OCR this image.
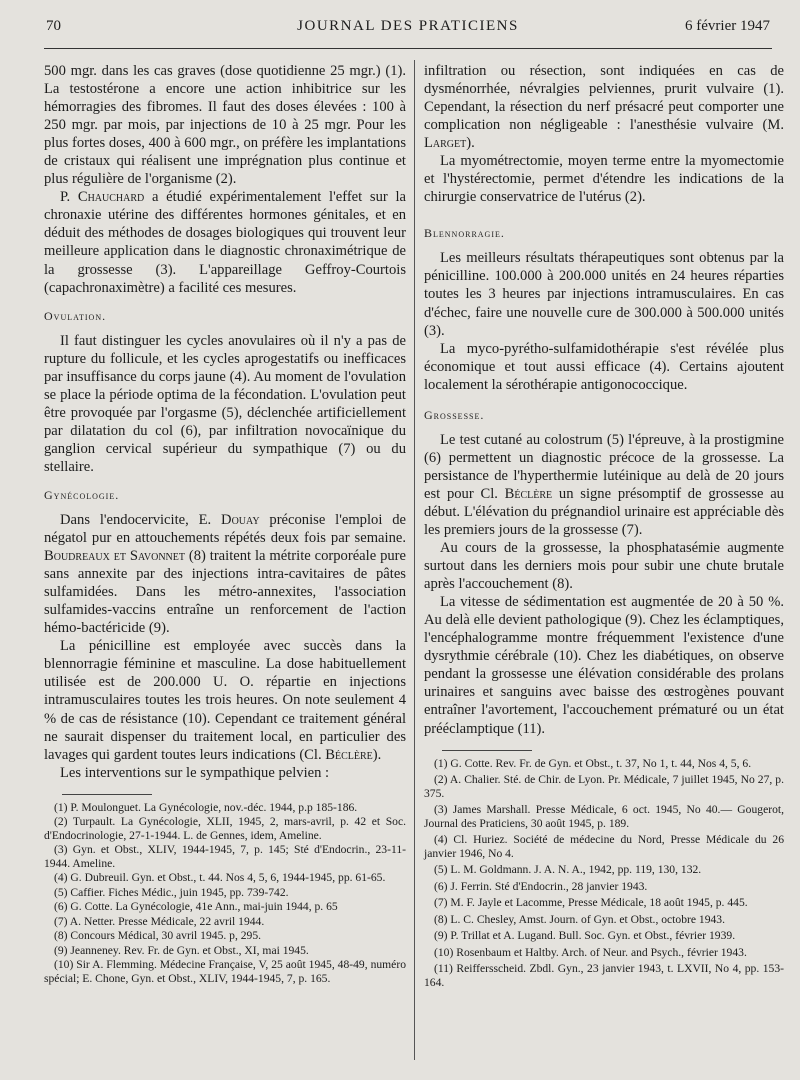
70	JOURNAL DES PRATICIENS	6 février 1947

500 mgr. dans les cas graves (dose quotidienne 25 mgr.) (1). La testostérone a encore une action inhibitrice sur les hémorragies des fibromes. Il faut des doses élevées : 100 à 250 mgr. par mois, par injections de 10 à 25 mgr. Pour les plus fortes doses, 400 à 600 mgr., on préfère les implantations de cristaux qui réalisent une imprégnation plus continue et plus régulière de l'organisme (2).

P. Chauchard a étudié expérimentalement l'effet sur la chronaxie utérine des différentes hormones génitales, et en déduit des méthodes de dosages biologiques qui trouvent leur meilleure application dans le diagnostic chronaximétrique de la grossesse (3). L'appareillage Geffroy-Courtois (capachronaximètre) a facilité ces mesures.

Ovulation.

Il faut distinguer les cycles anovulaires où il n'y a pas de rupture du follicule, et les cycles aprogestatifs ou inefficaces par insuffisance du corps jaune (4). Au moment de l'ovulation se place la période optima de la fécondation. L'ovulation peut être provoquée par l'orgasme (5), déclenchée artificiellement par dilatation du col (6), par infiltration novocaïnique du ganglion cervical supérieur du sympathique (7) ou du stellaire.

Gynécologie.

Dans l'endocervicite, E. Douay préconise l'emploi de négatol pur en attouchements répétés deux fois par semaine. Boudreaux et Savonnet (8) traitent la métrite corporéale pure sans annexite par des injections intra-cavitaires de pâtes sulfamidées. Dans les métro-annexites, l'association sulfamides-vaccins entraîne un renforcement de l'action hémo-bactéricide (9).

La pénicilline est employée avec succès dans la blennorragie féminine et masculine. La dose habituellement utilisée est de 200.000 U. O. répartie en injections intramusculaires toutes les trois heures. On note seulement 4 % de cas de résistance (10). Cependant ce traitement général ne saurait dispenser du traitement local, en particulier des lavages qui gardent toutes leurs indications (Cl. Béclère).

Les interventions sur le sympathique pelvien :

(1) P. Moulonguet. La Gynécologie, nov.-déc. 1944, p.p 185-186.

(2) Turpault. La Gynécologie, XLII, 1945, 2, mars-avril, p. 42 et Soc. d'Endocrinologie, 27-1-1944. L. de Gennes, idem, Ameline.

(3) Gyn. et Obst., XLIV, 1944-1945, 7, p. 145; Sté d'Endocrin., 23-11-1944. Ameline.

(4) G. Dubreuil. Gyn. et Obst., t. 44. Nos 4, 5, 6, 1944-1945, pp. 61-65.

(5) Caffier. Fiches Médic., juin 1945, pp. 739-742.

(6) G. Cotte. La Gynécologie, 41e Ann., mai-juin 1944, p. 65

(7) A. Netter. Presse Médicale, 22 avril 1944.

(8) Concours Médical, 30 avril 1945. p, 295.

(9) Jeanneney. Rev. Fr. de Gyn. et Obst., XI, mai 1945.

(10) Sir A. Flemming. Médecine Française, V, 25 août 1945, 48-49, numéro spécial; E. Chone, Gyn. et Obst., XLIV, 1944-1945, 7, p. 165.

infiltration ou résection, sont indiquées en cas de dysménorrhée, névralgies pelviennes, prurit vulvaire (1). Cependant, la résection du nerf présacré peut comporter une complication non négligeable : l'anesthésie vulvaire (M. Larget).

La myométrectomie, moyen terme entre la myomectomie et l'hystérectomie, permet d'étendre les indications de la chirurgie conservatrice de l'utérus (2).

Blennorragie.

Les meilleurs résultats thérapeutiques sont obtenus par la pénicilline. 100.000 à 200.000 unités en 24 heures réparties toutes les 3 heures par injections intramusculaires. En cas d'échec, faire une nouvelle cure de 300.000 à 500.000 unités (3).

La myco-pyrétho-sulfamidothérapie s'est révélée plus économique et tout aussi efficace (4). Certains ajoutent localement la sérothérapie antigonococcique.

Grossesse.

Le test cutané au colostrum (5) l'épreuve, à la prostigmine (6) permettent un diagnostic précoce de la grossesse. La persistance de l'hyperthermie lutéinique au delà de 20 jours est pour Cl. Béclère un signe présomptif de grossesse au début. L'élévation du prégnandiol urinaire est appréciable dès les premiers jours de la grossesse (7).

Au cours de la grossesse, la phosphatasémie augmente surtout dans les derniers mois pour subir une chute brutale après l'accouchement (8).

La vitesse de sédimentation est augmentée de 20 à 50 %. Au delà elle devient pathologique (9). Chez les éclamptiques, l'encéphalogramme montre fréquemment l'existence d'une dysrythmie cérébrale (10). Chez les diabétiques, on observe pendant la grossesse une élévation considérable des prolans urinaires et sanguins avec baisse des œstrogènes pouvant entraîner l'avortement, l'accouchement prématuré ou un état prééclamptique (11).

(1) G. Cotte. Rev. Fr. de Gyn. et Obst., t. 37, No 1, t. 44, Nos 4, 5, 6.

(2) A. Chalier. Sté. de Chir. de Lyon. Pr. Médicale, 7 juillet 1945, No 27, p. 375.

(3) James Marshall. Presse Médicale, 6 oct. 1945, No 40.— Gougerot, Journal des Praticiens, 30 août 1945, p. 189.

(4) Cl. Huriez. Société de médecine du Nord, Presse Médicale du 26 janvier 1946, No 4.

(5) L. M. Goldmann. J. A. N. A., 1942, pp. 119, 130, 132.

(6) J. Ferrin. Sté d'Endocrin., 28 janvier 1943.

(7) M. F. Jayle et Lacomme, Presse Médicale, 18 août 1945, p. 445.

(8) L. C. Chesley, Amst. Journ. of Gyn. et Obst., octobre 1943.

(9) P. Trillat et A. Lugand. Bull. Soc. Gyn. et Obst., février 1939.

(10) Rosenbaum et Haltby. Arch. of Neur. and Psych., février 1943.

(11) Reiffersscheid. Zbdl. Gyn., 23 janvier 1943, t. LXVII, No 4, pp. 153-164.
